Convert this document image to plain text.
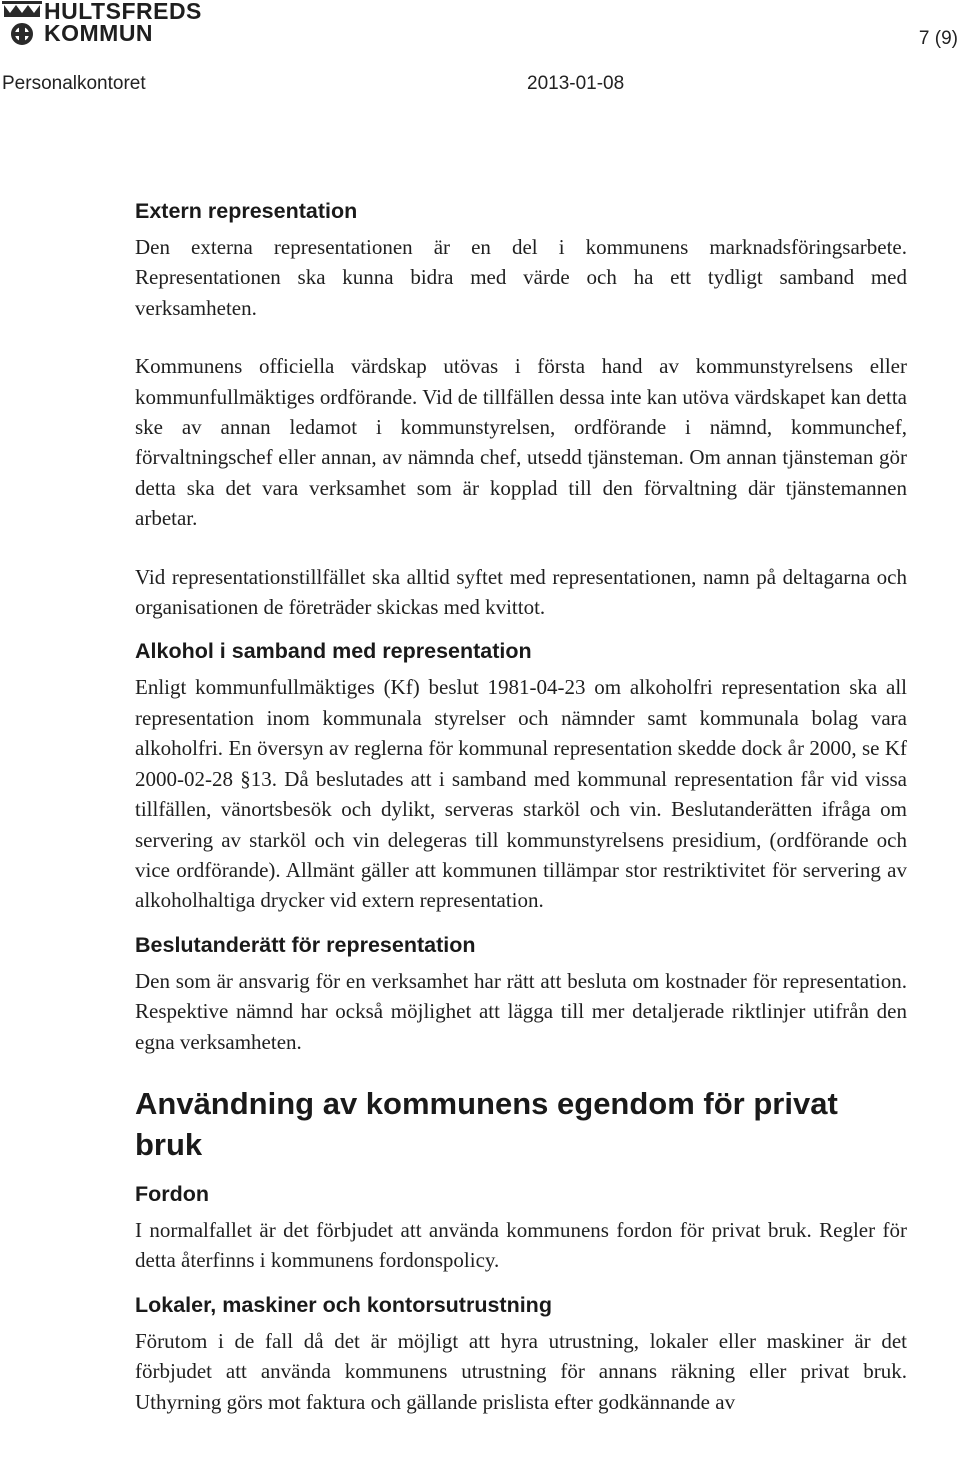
HULTSFREDS
KOMMUN	7 (9)
Personalkontoret	2013-01-08
Extern representation

Den externa representationen är en del i kommunens marknadsföringsarbete. Representationen ska kunna bidra med värde och ha ett tydligt samband med verksamheten.

Kommunens officiella värdskap utövas i första hand av kommunstyrelsens eller kommunfullmäktiges ordförande. Vid de tillfällen dessa inte kan utöva värdskapet kan detta ske av annan ledamot i kommunstyrelsen, ordförande i nämnd, kommunchef, förvaltningschef eller annan, av nämnda chef, utsedd tjänsteman. Om annan tjänsteman gör detta ska det vara verksamhet som är kopplad till den förvaltning där tjänstemannen arbetar.

Vid representationstillfället ska alltid syftet med representationen, namn på deltagarna och organisationen de företräder skickas med kvittot.

Alkohol i samband med representation

Enligt kommunfullmäktiges (Kf) beslut 1981-04-23 om alkoholfri representation ska all representation inom kommunala styrelser och nämnder samt kommunala bolag vara alkoholfri. En översyn av reglerna för kommunal representation skedde dock år 2000, se Kf 2000-02-28 §13. Då beslutades att i samband med kommunal representation får vid vissa tillfällen, vänortsbesök och dylikt, serveras starköl och vin. Beslutanderätten ifråga om servering av starköl och vin delegeras till kommunstyrelsens presidium, (ordförande och vice ordförande). Allmänt gäller att kommunen tillämpar stor restriktivitet för servering av alkoholhaltiga drycker vid extern representation.

Beslutanderätt för representation

Den som är ansvarig för en verksamhet har rätt att besluta om kostnader för representation. Respektive nämnd har också möjlighet att lägga till mer detaljerade riktlinjer utifrån den egna verksamheten.

Användning av kommunens egendom för privat bruk
Fordon

I normalfallet är det förbjudet att använda kommunens fordon för privat bruk. Regler för detta återfinns i kommunens fordonspolicy.

Lokaler, maskiner och kontorsutrustning

Förutom i de fall då det är möjligt att hyra utrustning, lokaler eller maskiner är det förbjudet att använda kommunens utrustning för annans räkning eller privat bruk. Uthyrning görs mot faktura och gällande prislista efter godkännande av
